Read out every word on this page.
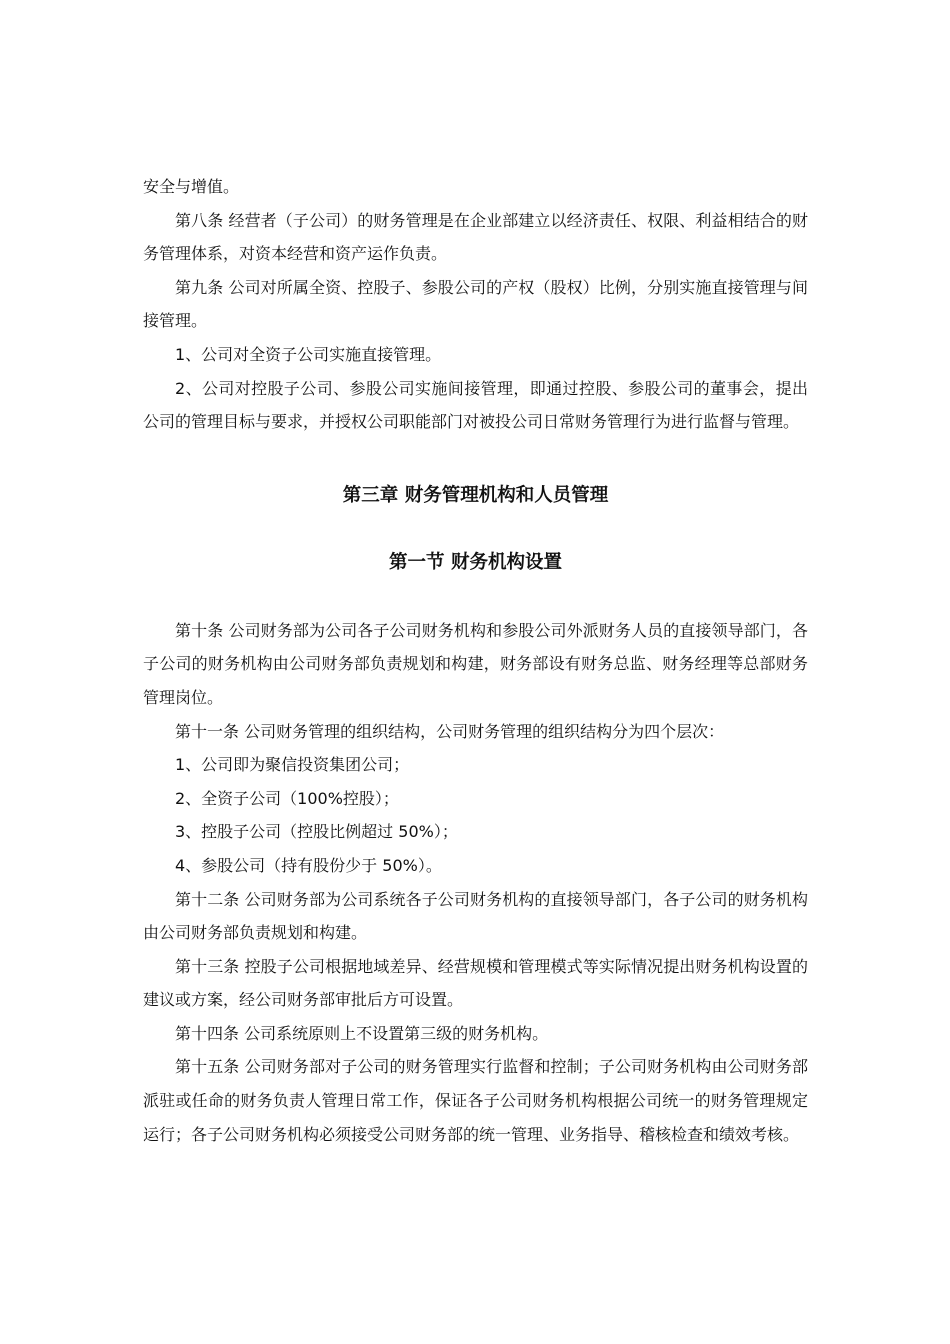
安全与增值。

第八条 经营者（子公司）的财务管理是在企业部建立以经济责任、权限、利益相结合的财务管理体系，对资本经营和资产运作负责。

第九条 公司对所属全资、控股子、参股公司的产权（股权）比例，分别实施直接管理与间接管理。

1、公司对全资子公司实施直接管理。

2、公司对控股子公司、参股公司实施间接管理，即通过控股、参股公司的董事会，提出公司的管理目标与要求，并授权公司职能部门对被投公司日常财务管理行为进行监督与管理。

第三章 财务管理机构和人员管理
第一节 财务机构设置

第十条 公司财务部为公司各子公司财务机构和参股公司外派财务人员的直接领导部门，各子公司的财务机构由公司财务部负责规划和构建，财务部设有财务总监、财务经理等总部财务管理岗位。

第十一条 公司财务管理的组织结构，公司财务管理的组织结构分为四个层次：

1、公司即为聚信投资集团公司；

2、全资子公司（100%控股）；

3、控股子公司（控股比例超过 50%）；

4、参股公司（持有股份少于 50%）。

第十二条 公司财务部为公司系统各子公司财务机构的直接领导部门，各子公司的财务机构由公司财务部负责规划和构建。

第十三条 控股子公司根据地域差异、经营规模和管理模式等实际情况提出财务机构设置的建议或方案，经公司财务部审批后方可设置。

第十四条 公司系统原则上不设置第三级的财务机构。

第十五条 公司财务部对子公司的财务管理实行监督和控制；子公司财务机构由公司财务部派驻或任命的财务负责人管理日常工作，保证各子公司财务机构根据公司统一的财务管理规定运行；各子公司财务机构必须接受公司财务部的统一管理、业务指导、稽核检查和绩效考核。
